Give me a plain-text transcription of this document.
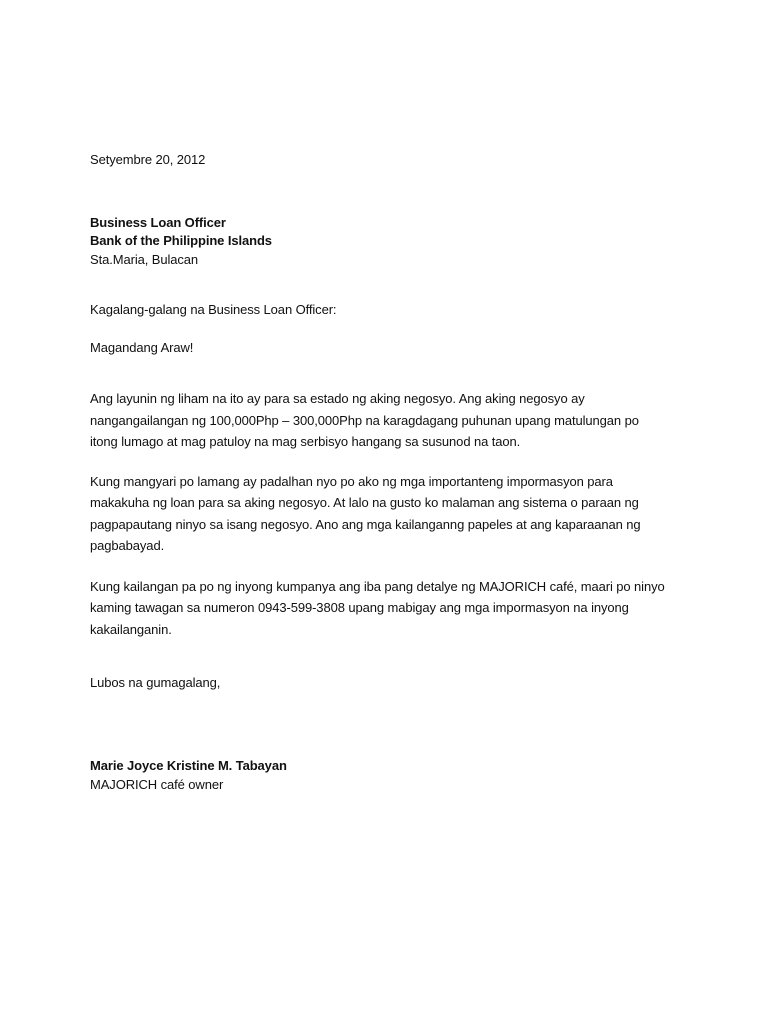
Setyembre 20, 2012
Business Loan Officer
Bank of the Philippine Islands
Sta.Maria, Bulacan
Kagalang-galang na Business Loan Officer:
Magandang Araw!
Ang layunin ng liham na ito ay para sa estado ng aking negosyo. Ang aking negosyo ay
nangangailangan ng 100,000Php – 300,000Php na karagdagang puhunan upang matulungan po
itong lumago at mag patuloy na mag serbisyo hangang sa susunod na taon.
Kung mangyari po lamang ay padalhan nyo po ako ng mga importanteng impormasyon para
makakuha ng loan para sa aking negosyo. At lalo na gusto ko malaman ang sistema o paraan ng
pagpapautang ninyo sa isang negosyo. Ano ang mga kailanganng papeles at ang kaparaanan ng
pagbabayad.
Kung kailangan pa po ng inyong kumpanya ang iba pang detalye ng MAJORICH café, maari po ninyo
kaming tawagan sa numeron 0943-599-3808 upang mabigay ang mga impormasyon na inyong
kakailanganin.
Lubos na gumagalang,
Marie Joyce Kristine M. Tabayan
MAJORICH café owner
